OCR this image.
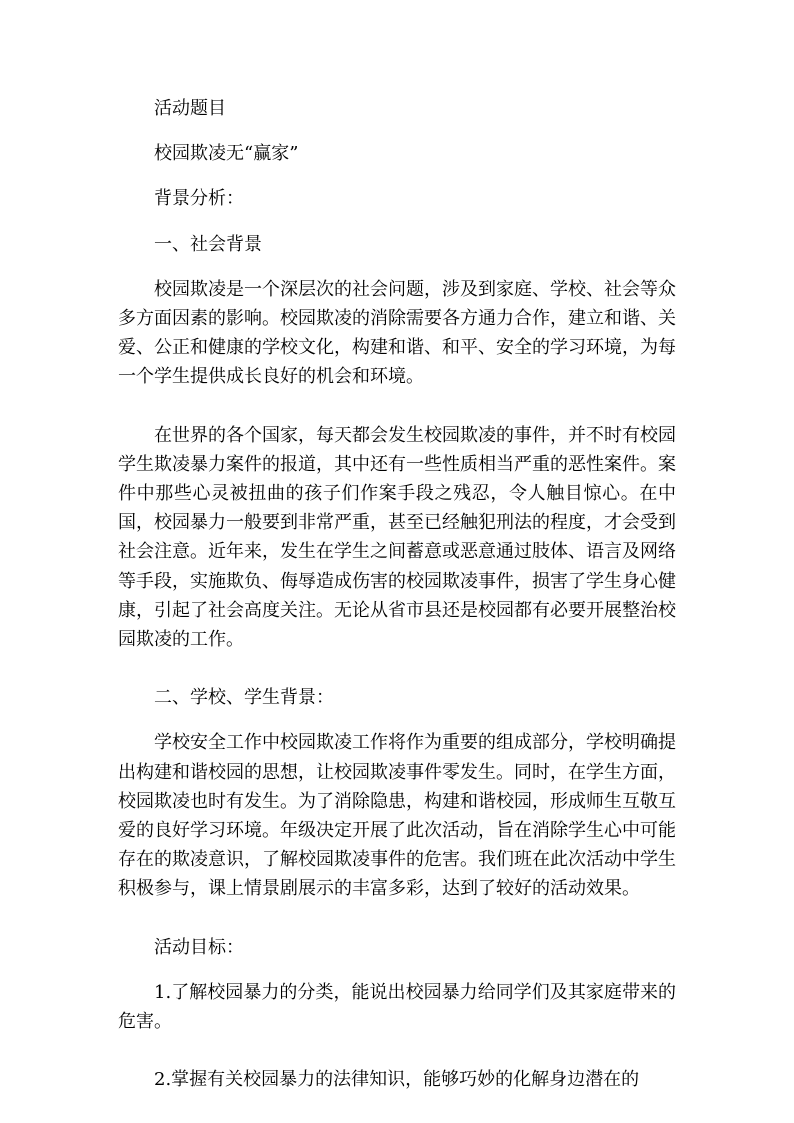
活动题目

校园欺凌无“赢家”

背景分析：

一、社会背景

校园欺凌是一个深层次的社会问题，涉及到家庭、学校、社会等众多方面因素的影响。校园欺凌的消除需要各方通力合作，建立和谐、关爱、公正和健康的学校文化，构建和谐、和平、安全的学习环境，为每一个学生提供成长良好的机会和环境。

在世界的各个国家，每天都会发生校园欺凌的事件，并不时有校园学生欺凌暴力案件的报道，其中还有一些性质相当严重的恶性案件。案件中那些心灵被扭曲的孩子们作案手段之残忍，令人触目惊心。在中国，校园暴力一般要到非常严重，甚至已经触犯刑法的程度，才会受到社会注意。近年来，发生在学生之间蓄意或恶意通过肢体、语言及网络等手段，实施欺负、侮辱造成伤害的校园欺凌事件，损害了学生身心健康，引起了社会高度关注。无论从省市县还是校园都有必要开展整治校园欺凌的工作。

二、学校、学生背景：

学校安全工作中校园欺凌工作将作为重要的组成部分，学校明确提出构建和谐校园的思想，让校园欺凌事件零发生。同时，在学生方面，校园欺凌也时有发生。为了消除隐患，构建和谐校园，形成师生互敬互爱的良好学习环境。年级决定开展了此次活动，旨在消除学生心中可能存在的欺凌意识，了解校园欺凌事件的危害。我们班在此次活动中学生积极参与，课上情景剧展示的丰富多彩，达到了较好的活动效果。

活动目标：

1.了解校园暴力的分类，能说出校园暴力给同学们及其家庭带来的危害。

2.掌握有关校园暴力的法律知识，能够巧妙的化解身边潜在的
